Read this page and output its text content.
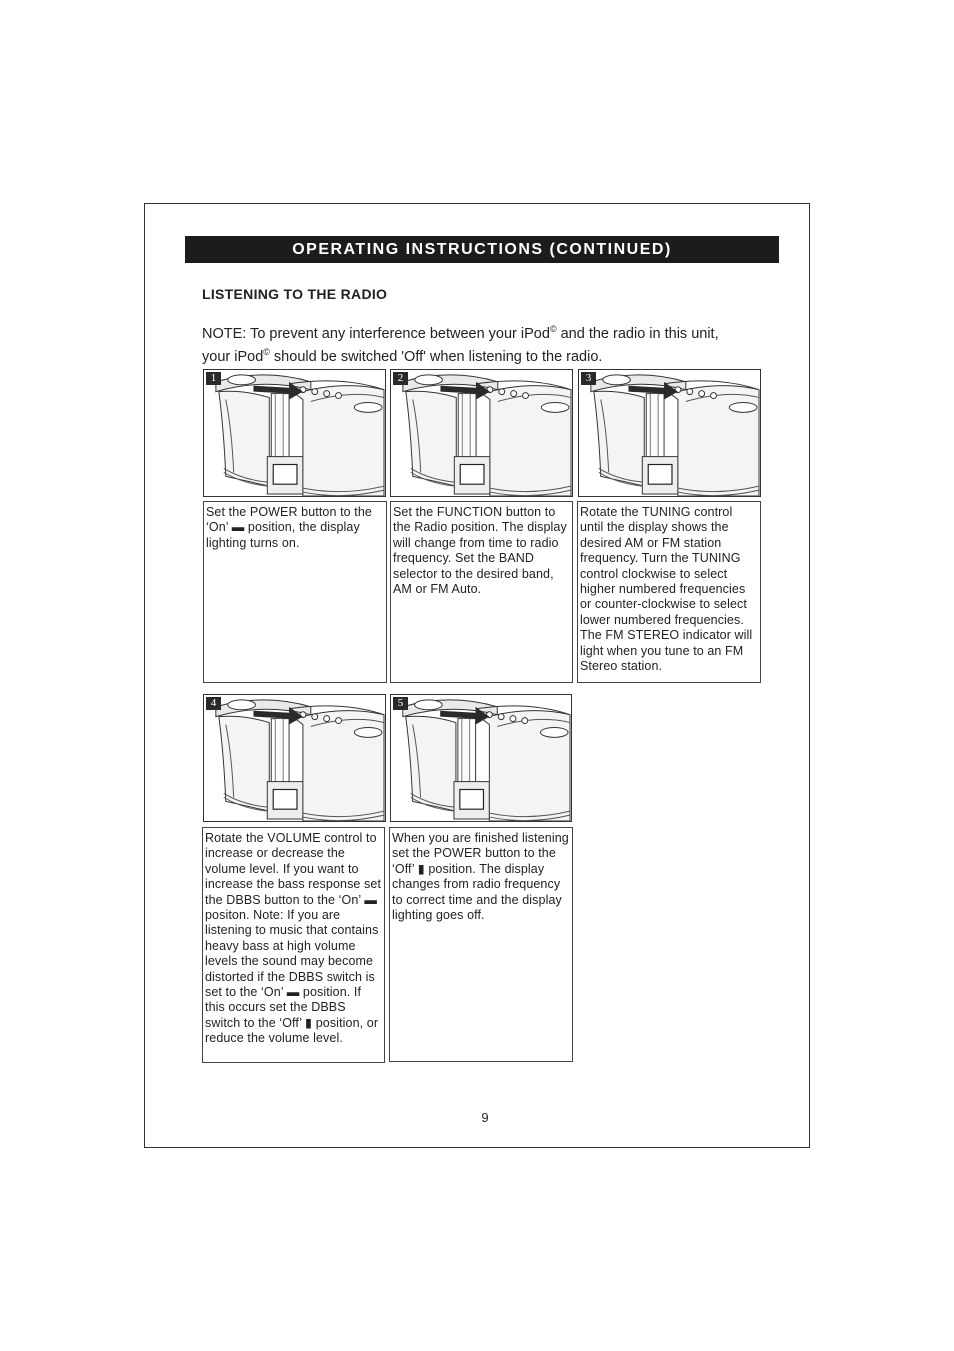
OPERATING INSTRUCTIONS (CONTINUED)
LISTENING TO THE RADIO
NOTE: To prevent any interference between your iPod© and the radio in this unit,
your iPod© should be switched 'Off' when listening to the radio.
1	2	3
4	5
Set the POWER button to the ‘On’ ▬ position, the display lighting turns on.
Set the FUNCTION button to the Radio position. The display will change from time to radio frequency. Set the BAND selector to the desired band, AM or FM Auto.
Rotate the TUNING control until the display shows the desired AM or FM station frequency. Turn the TUNING control clockwise to select higher numbered frequencies or counter-clockwise to select lower numbered frequencies. The FM STEREO indicator will light when you tune to an FM Stereo station.
Rotate the VOLUME control to increase or decrease the volume level. If you want to increase the bass response set the DBBS button to the ‘On’ ▬ positon. Note: If you are listening to music that contains heavy bass at high volume levels the sound may become distorted if the DBBS switch is set to the ‘On’ ▬ position. If this occurs set the DBBS switch to the ‘Off’ ▮ position, or reduce the volume level.
When you are finished listening set the POWER button to the ‘Off’ ▮ position. The display changes from radio frequency to correct time and the display lighting goes off.
9
